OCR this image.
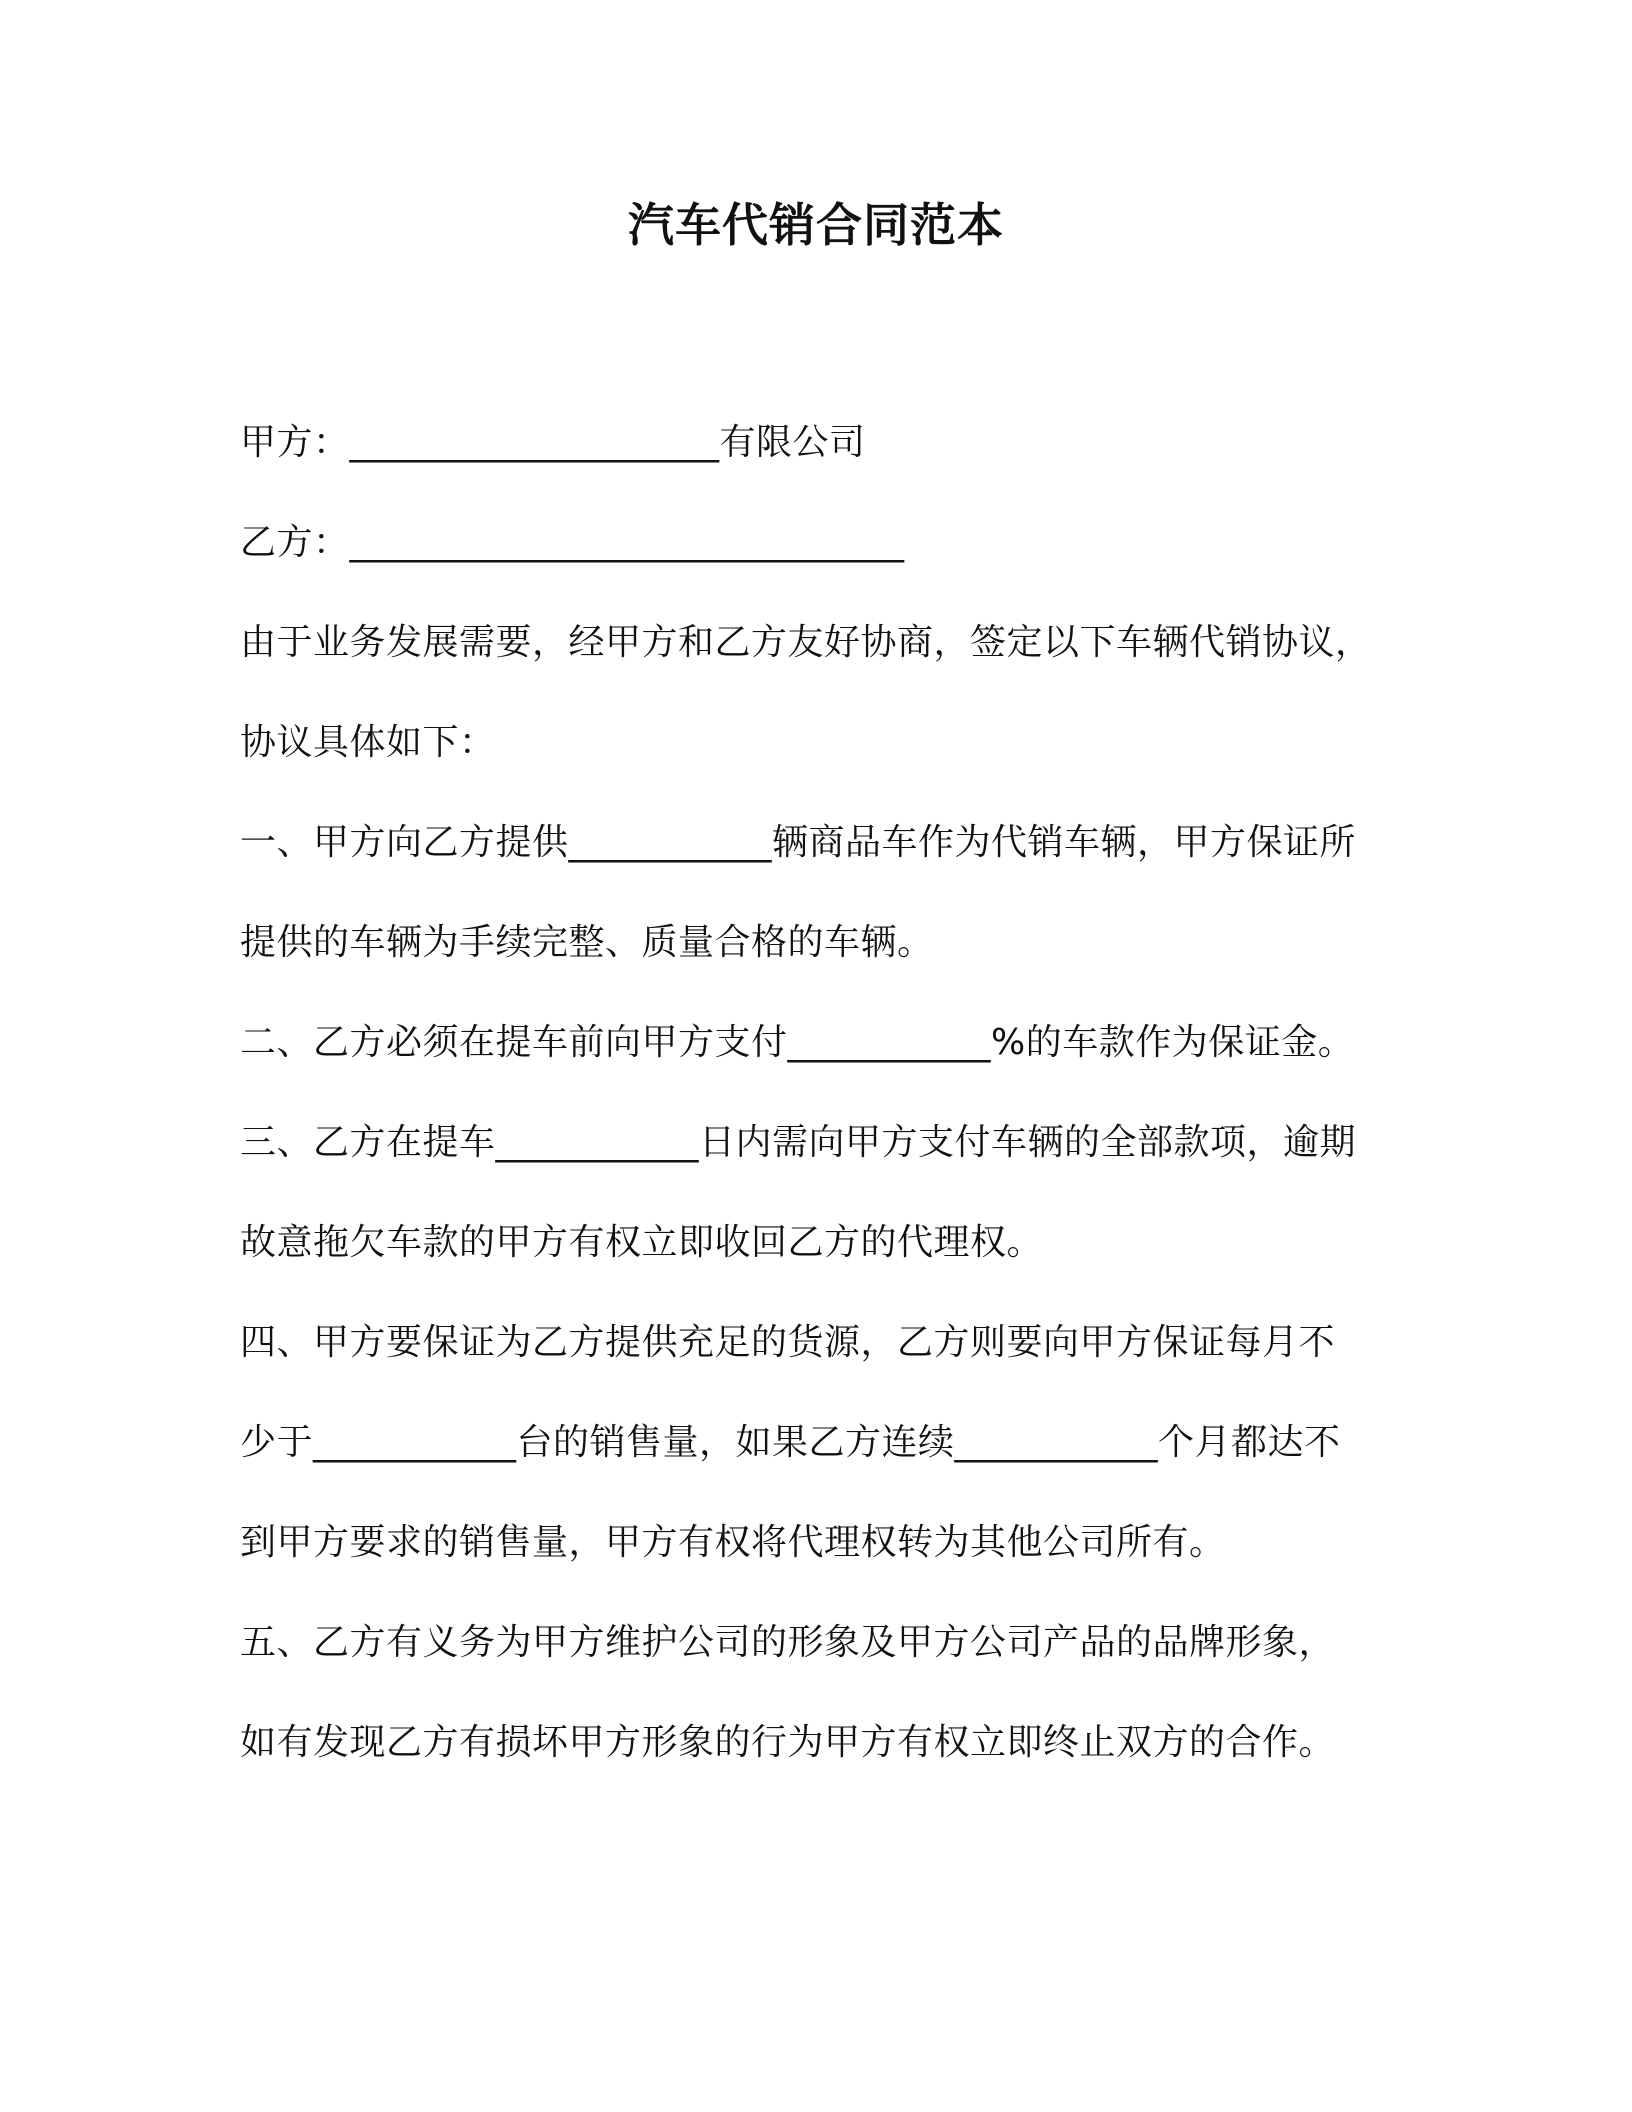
汽车代销合同范本
甲方：____________________有限公司
乙方：______________________________
由于业务发展需要，经甲方和乙方友好协商，签定以下车辆代销协议，
协议具体如下：
一、甲方向乙方提供___________辆商品车作为代销车辆，甲方保证所
提供的车辆为手续完整、质量合格的车辆。
二、乙方必须在提车前向甲方支付___________%的车款作为保证金。
三、乙方在提车___________日内需向甲方支付车辆的全部款项，逾期
故意拖欠车款的甲方有权立即收回乙方的代理权。
四、甲方要保证为乙方提供充足的货源，乙方则要向甲方保证每月不
少于___________台的销售量，如果乙方连续___________个月都达不
到甲方要求的销售量，甲方有权将代理权转为其他公司所有。
五、乙方有义务为甲方维护公司的形象及甲方公司产品的品牌形象，
如有发现乙方有损坏甲方形象的行为甲方有权立即终止双方的合作。
